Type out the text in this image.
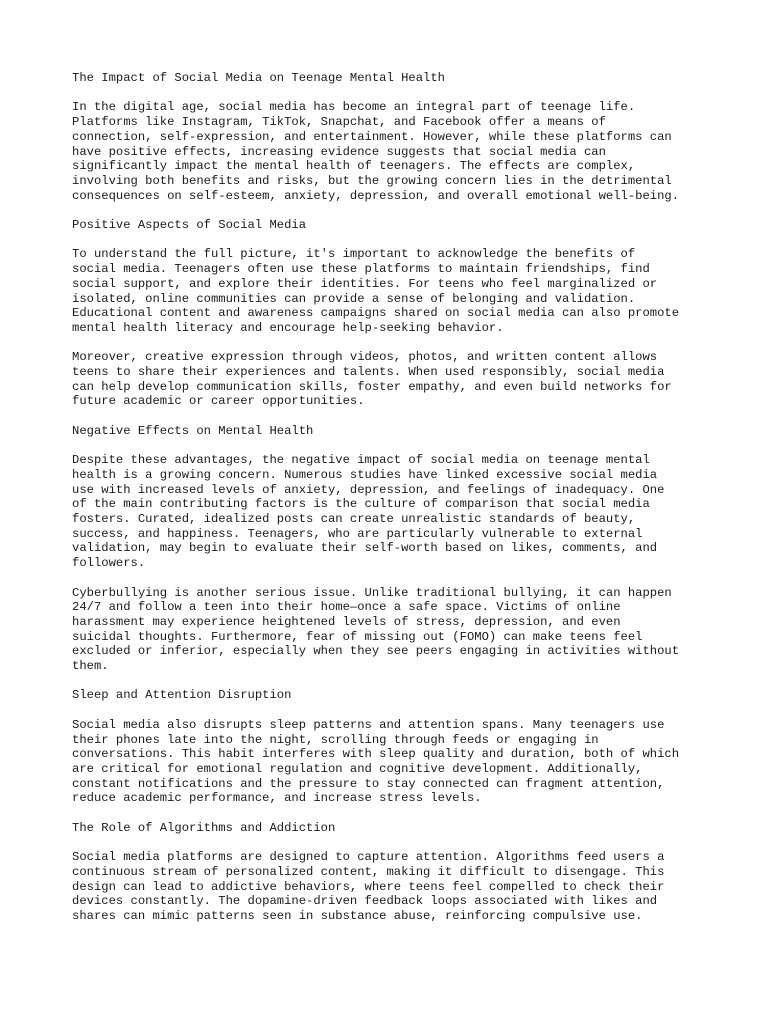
The Impact of Social Media on Teenage Mental Health

In the digital age, social media has become an integral part of teenage life.
Platforms like Instagram, TikTok, Snapchat, and Facebook offer a means of
connection, self-expression, and entertainment. However, while these platforms can
have positive effects, increasing evidence suggests that social media can
significantly impact the mental health of teenagers. The effects are complex,
involving both benefits and risks, but the growing concern lies in the detrimental
consequences on self-esteem, anxiety, depression, and overall emotional well-being.

Positive Aspects of Social Media

To understand the full picture, it's important to acknowledge the benefits of
social media. Teenagers often use these platforms to maintain friendships, find
social support, and explore their identities. For teens who feel marginalized or
isolated, online communities can provide a sense of belonging and validation.
Educational content and awareness campaigns shared on social media can also promote
mental health literacy and encourage help-seeking behavior.

Moreover, creative expression through videos, photos, and written content allows
teens to share their experiences and talents. When used responsibly, social media
can help develop communication skills, foster empathy, and even build networks for
future academic or career opportunities.

Negative Effects on Mental Health

Despite these advantages, the negative impact of social media on teenage mental
health is a growing concern. Numerous studies have linked excessive social media
use with increased levels of anxiety, depression, and feelings of inadequacy. One
of the main contributing factors is the culture of comparison that social media
fosters. Curated, idealized posts can create unrealistic standards of beauty,
success, and happiness. Teenagers, who are particularly vulnerable to external
validation, may begin to evaluate their self-worth based on likes, comments, and
followers.

Cyberbullying is another serious issue. Unlike traditional bullying, it can happen
24/7 and follow a teen into their home—once a safe space. Victims of online
harassment may experience heightened levels of stress, depression, and even
suicidal thoughts. Furthermore, fear of missing out (FOMO) can make teens feel
excluded or inferior, especially when they see peers engaging in activities without
them.

Sleep and Attention Disruption

Social media also disrupts sleep patterns and attention spans. Many teenagers use
their phones late into the night, scrolling through feeds or engaging in
conversations. This habit interferes with sleep quality and duration, both of which
are critical for emotional regulation and cognitive development. Additionally,
constant notifications and the pressure to stay connected can fragment attention,
reduce academic performance, and increase stress levels.

The Role of Algorithms and Addiction

Social media platforms are designed to capture attention. Algorithms feed users a
continuous stream of personalized content, making it difficult to disengage. This
design can lead to addictive behaviors, where teens feel compelled to check their
devices constantly. The dopamine-driven feedback loops associated with likes and
shares can mimic patterns seen in substance abuse, reinforcing compulsive use.
